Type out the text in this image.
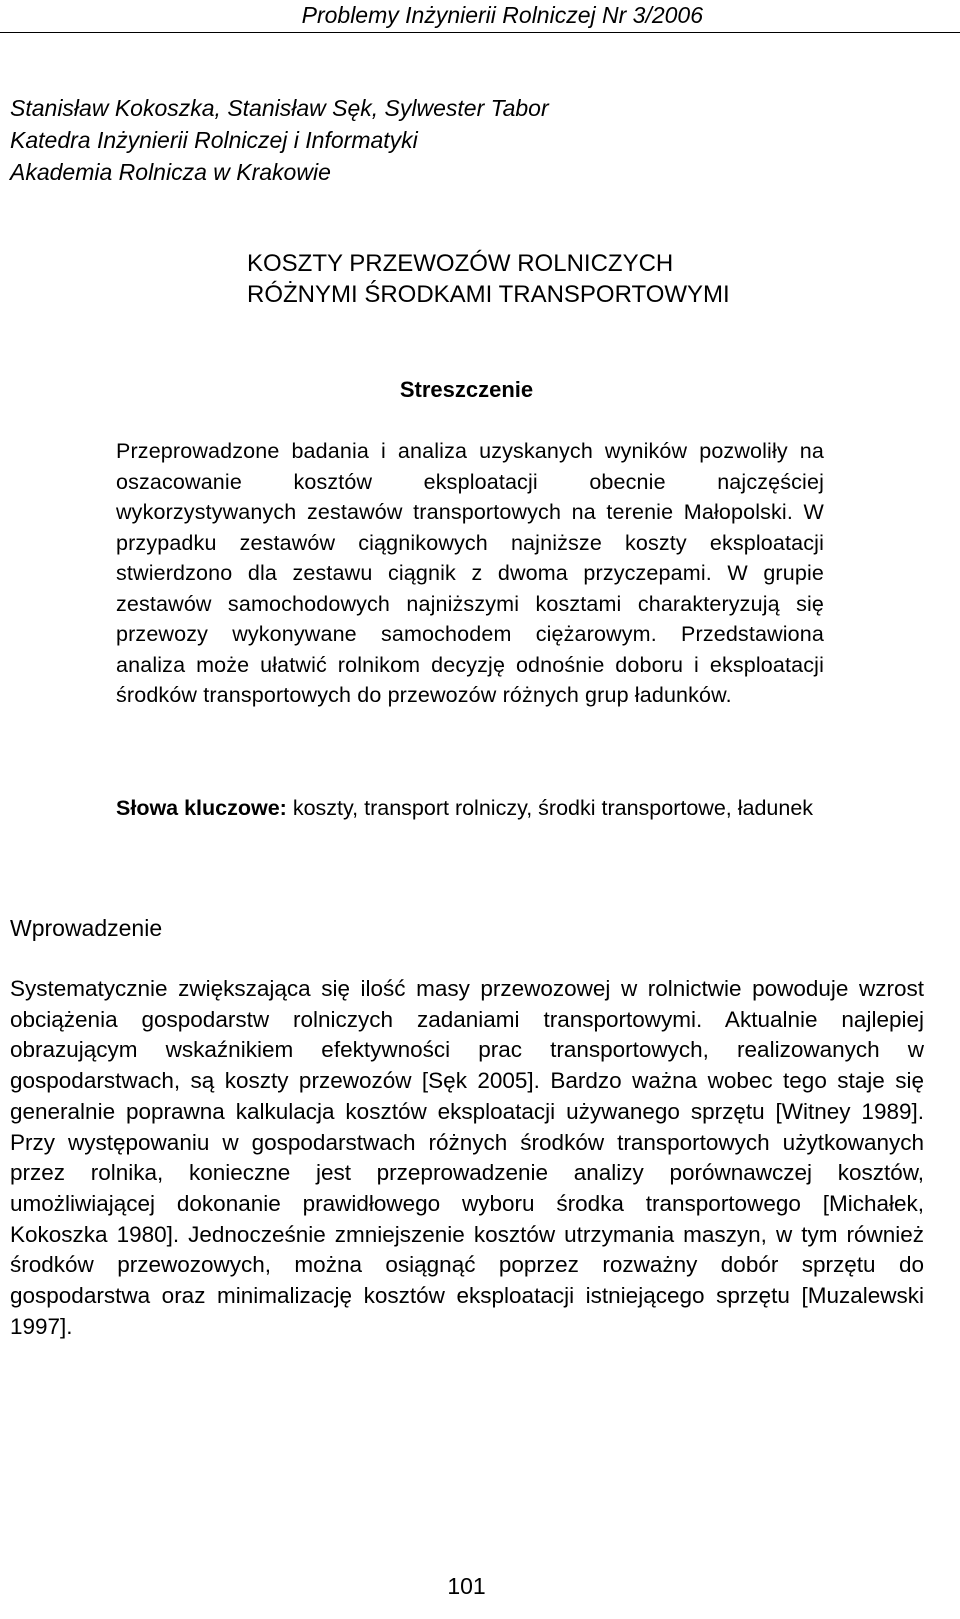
Problemy Inżynierii Rolniczej Nr 3/2006
Stanisław Kokoszka, Stanisław Sęk, Sylwester Tabor
Katedra Inżynierii Rolniczej i Informatyki
Akademia Rolnicza w Krakowie
KOSZTY PRZEWOZÓW ROLNICZYCH
RÓŻNYMI ŚRODKAMI TRANSPORTOWYMI
Streszczenie
Przeprowadzone badania i analiza uzyskanych wyników pozwoliły na oszacowanie kosztów eksploatacji obecnie najczęściej wykorzystywanych zestawów transportowych na terenie Małopolski. W przypadku zestawów ciągnikowych najniższe koszty eksploatacji stwierdzono dla zestawu ciągnik z dwoma przyczepami. W grupie zestawów samochodowych najniższymi kosztami charakteryzują się przewozy wykonywane samochodem ciężarowym. Przedstawiona analiza może ułatwić rolnikom decyzję odnośnie doboru i eksploatacji środków transportowych do przewozów różnych grup ładunków.
Słowa kluczowe: koszty, transport rolniczy, środki transportowe, ładunek
Wprowadzenie
Systematycznie zwiększająca się ilość masy przewozowej w rolnictwie powoduje wzrost obciążenia gospodarstw rolniczych zadaniami transportowymi. Aktualnie najlepiej obrazującym wskaźnikiem efektywności prac transportowych, realizowanych w gospodarstwach, są koszty przewozów [Sęk 2005]. Bardzo ważna wobec tego staje się generalnie poprawna kalkulacja kosztów eksploatacji używanego sprzętu [Witney 1989]. Przy występowaniu w gospodarstwach różnych środków transportowych użytkowanych przez rolnika, konieczne jest przeprowadzenie analizy porównawczej kosztów, umożliwiającej dokonanie prawidłowego wyboru środka transportowego [Michałek, Kokoszka 1980]. Jednocześnie zmniejszenie kosztów utrzymania maszyn, w tym również środków przewozowych, można osiągnąć poprzez rozważny dobór sprzętu do gospodarstwa oraz minimalizację kosztów eksploatacji istniejącego sprzętu [Muzalewski 1997].
101
